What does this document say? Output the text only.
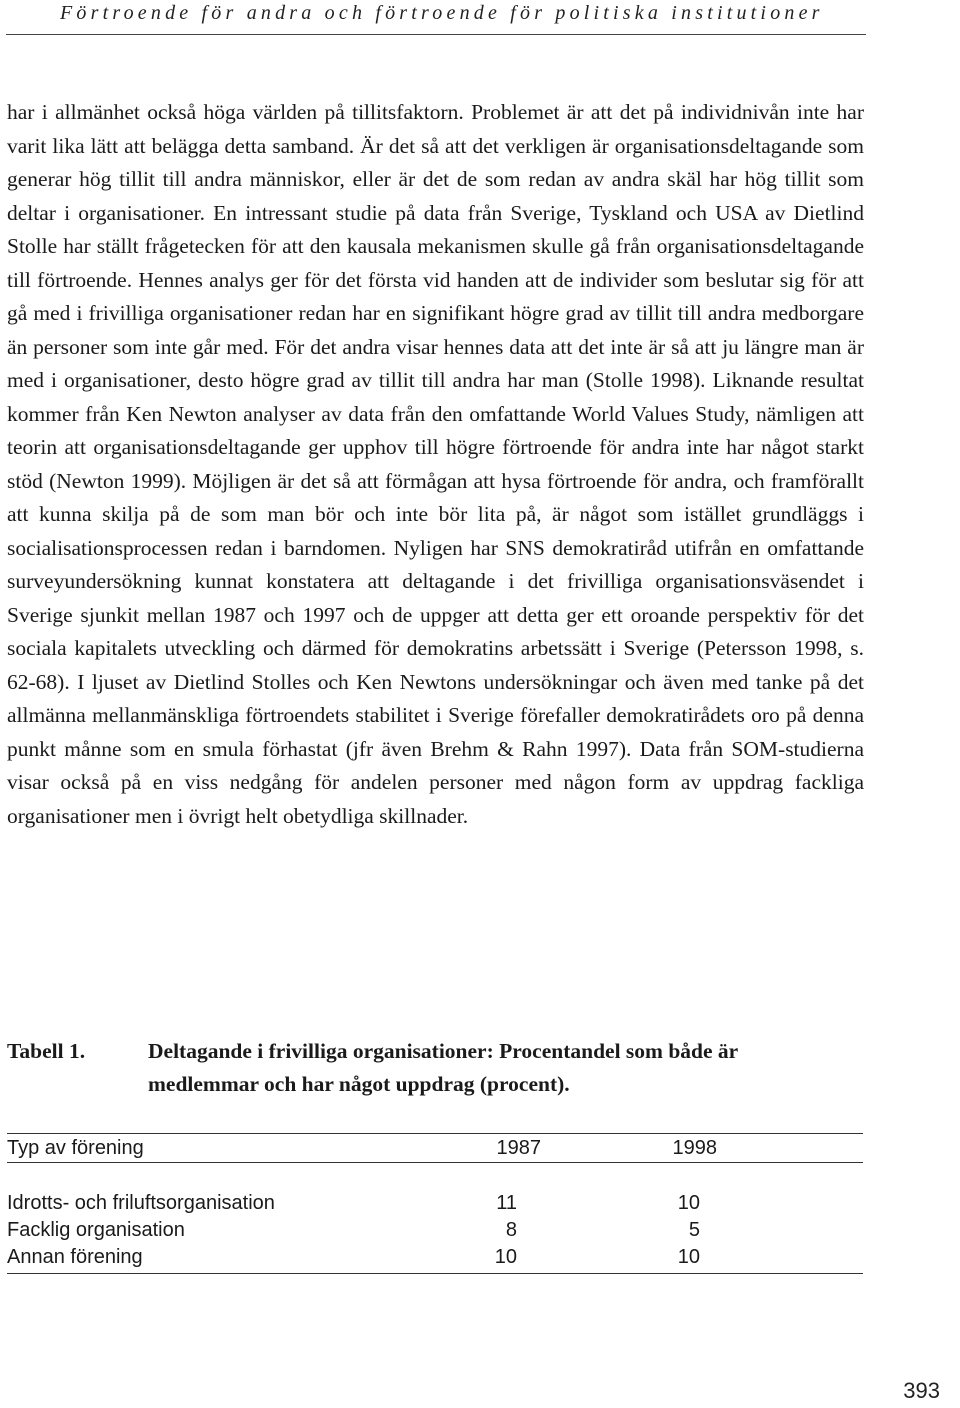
Förtroende för andra och förtroende för politiska institutioner

har i allmänhet också höga världen på tillitsfaktorn. Problemet är att det på individnivån inte har varit lika lätt att belägga detta samband. Är det så att det verkligen är organisationsdeltagande som generar hög tillit till andra människor, eller är det de som redan av andra skäl har hög tillit som deltar i organisationer. En intressant studie på data från Sverige, Tyskland och USA av Dietlind Stolle har ställt frågetecken för att den kausala mekanismen skulle gå från organisationsdeltagande till förtroende. Hennes analys ger för det första vid handen att de individer som beslutar sig för att gå med i frivilliga organisationer redan har en signifikant högre grad av tillit till andra medborgare än personer som inte går med. För det andra visar hennes data att det inte är så att ju längre man är med i organisationer, desto högre grad av tillit till andra har man (Stolle 1998). Liknande resultat kommer från Ken Newton analyser av data från den omfattande World Values Study, nämligen att teorin att organisationsdeltagande ger upphov till högre förtroende för andra inte har något starkt stöd (Newton 1999). Möjligen är det så att förmågan att hysa förtroende för andra, och framförallt att kunna skilja på de som man bör och inte bör lita på, är något som istället grundläggs i socialisationsprocessen redan i barndomen. Nyligen har SNS demokratiråd utifrån en omfattande surveyundersökning kunnat konstatera att deltagande i det frivilliga organisationsväsendet i Sverige sjunkit mellan 1987 och 1997 och de uppger att detta ger ett oroande perspektiv för det sociala kapitalets utveckling och därmed för demokratins arbetssätt i Sverige (Petersson 1998, s. 62-68). I ljuset av Dietlind Stolles och Ken Newtons undersökningar och även med tanke på det allmänna mellanmänskliga förtroendets stabilitet i Sverige förefaller demokratirådets oro på denna punkt månne som en smula förhastat (jfr även Brehm & Rahn 1997). Data från SOM-studierna visar också på en viss nedgång för andelen personer med någon form av uppdrag fackliga organisationer men i övrigt helt obetydliga skillnader.

Tabell 1.	Deltagande i frivilliga organisationer: Procentandel som både är medlemmar och har något uppdrag (procent).
Typ av förening	1987	1998
Idrotts- och friluftsorganisation	11	10
Facklig organisation	8	5
Annan förening	10	10
393
